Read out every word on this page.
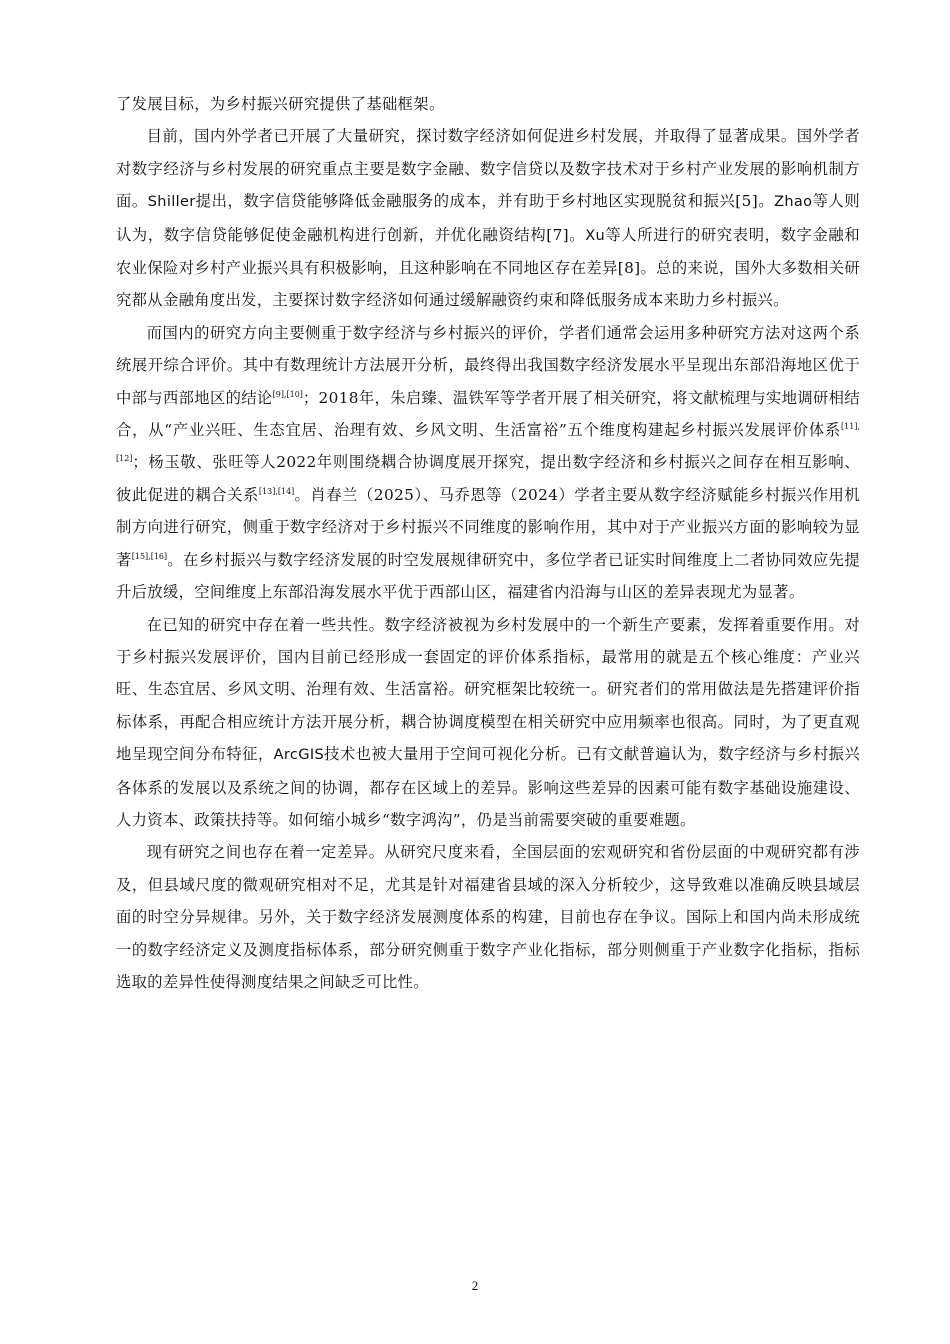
了发展目标，为乡村振兴研究提供了基础框架。

目前，国内外学者已开展了大量研究，探讨数字经济如何促进乡村发展，并取得了显著成果。国外学者对数字经济与乡村发展的研究重点主要是数字金融、数字信贷以及数字技术对于乡村产业发展的影响机制方面。Shiller提出，数字信贷能够降低金融服务的成本，并有助于乡村地区实现脱贫和振兴[5]。Zhao等人则认为，数字信贷能够促使金融机构进行创新，并优化融资结构[7]。Xu等人所进行的研究表明，数字金融和农业保险对乡村产业振兴具有积极影响，且这种影响在不同地区存在差异[8]。总的来说，国外大多数相关研究都从金融角度出发，主要探讨数字经济如何通过缓解融资约束和降低服务成本来助力乡村振兴。

而国内的研究方向主要侧重于数字经济与乡村振兴的评价，学者们通常会运用多种研究方法对这两个系统展开综合评价。其中有数理统计方法展开分析，最终得出我国数字经济发展水平呈现出东部沿海地区优于中部与西部地区的结论[9],[10]；2018年，朱启臻、温铁军等学者开展了相关研究，将文献梳理与实地调研相结合，从“产业兴旺、生态宜居、治理有效、乡风文明、生活富裕”五个维度构建起乡村振兴发展评价体系[11],[12]；杨玉敬、张旺等人2022年则围绕耦合协调度展开探究，提出数字经济和乡村振兴之间存在相互影响、彼此促进的耦合关系[13],[14]。肖春兰（2025）、马乔恩等（2024）学者主要从数字经济赋能乡村振兴作用机制方向进行研究，侧重于数字经济对于乡村振兴不同维度的影响作用，其中对于产业振兴方面的影响较为显著[15],[16]。在乡村振兴与数字经济发展的时空发展规律研究中，多位学者已证实时间维度上二者协同效应先提升后放缓，空间维度上东部沿海发展水平优于西部山区，福建省内沿海与山区的差异表现尤为显著。

在已知的研究中存在着一些共性。数字经济被视为乡村发展中的一个新生产要素，发挥着重要作用。对于乡村振兴发展评价，国内目前已经形成一套固定的评价体系指标，最常用的就是五个核心维度：产业兴旺、生态宜居、乡风文明、治理有效、生活富裕。研究框架比较统一。研究者们的常用做法是先搭建评价指标体系，再配合相应统计方法开展分析，耦合协调度模型在相关研究中应用频率也很高。同时，为了更直观地呈现空间分布特征，ArcGIS技术也被大量用于空间可视化分析。已有文献普遍认为，数字经济与乡村振兴各体系的发展以及系统之间的协调，都存在区域上的差异。影响这些差异的因素可能有数字基础设施建设、人力资本、政策扶持等。如何缩小城乡“数字鸿沟”，仍是当前需要突破的重要难题。

现有研究之间也存在着一定差异。从研究尺度来看，全国层面的宏观研究和省份层面的中观研究都有涉及，但县域尺度的微观研究相对不足，尤其是针对福建省县域的深入分析较少，这导致难以准确反映县域层面的时空分异规律。另外，关于数字经济发展测度体系的构建，目前也存在争议。国际上和国内尚未形成统一的数字经济定义及测度指标体系，部分研究侧重于数字产业化指标，部分则侧重于产业数字化指标，指标选取的差异性使得测度结果之间缺乏可比性。

2
